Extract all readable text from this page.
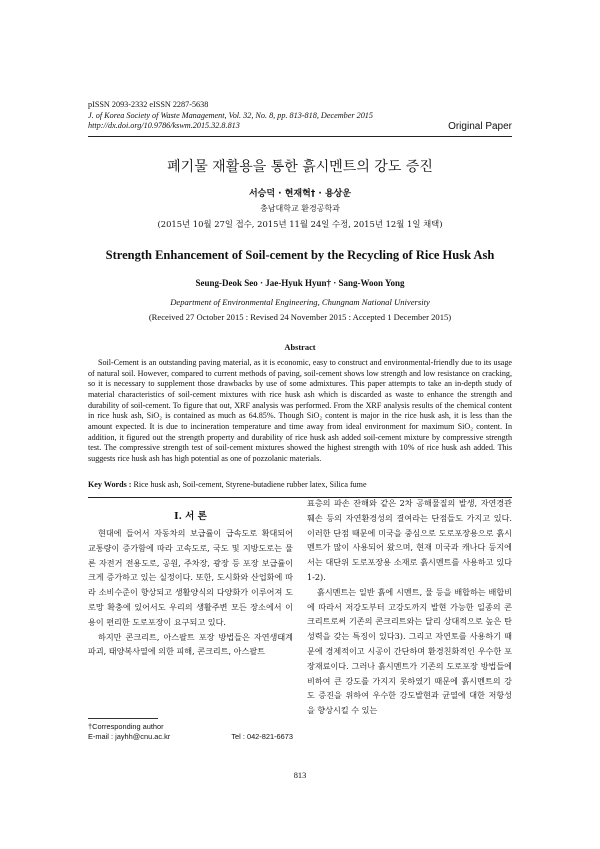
pISSN 2093-2332 eISSN 2287-5638
J. of Korea Society of Waste Management, Vol. 32, No. 8, pp. 813-818, December 2015
http://dx.doi.org/10.9786/kswm.2015.32.8.813	Original Paper
폐기물 재활용을 통한 흙시멘트의 강도 증진
서승덕 · 현재혁† · 용상운
충남대학교 환경공학과
(2015년 10월 27일 접수, 2015년 11월 24일 수정, 2015년 12월 1일 채택)
Strength Enhancement of Soil-cement by the Recycling of Rice Husk Ash
Seung-Deok Seo · Jae-Hyuk Hyun† · Sang-Woon Yong
Department of Environmental Engineering, Chungnam National University
(Received 27 October 2015 : Revised 24 November 2015 : Accepted 1 December 2015)
Abstract
Soil-Cement is an outstanding paving material, as it is economic, easy to construct and environmental-friendly due to its usage of natural soil. However, compared to current methods of paving, soil-cement shows low strength and low resistance on cracking, so it is necessary to supplement those drawbacks by use of some admixtures. This paper attempts to take an in-depth study of material characteristics of soil-cement mixtures with rice husk ash which is discarded as waste to enhance the strength and durability of soil-cement. To figure that out, XRF analysis was performed. From the XRF analysis results of the chemical content in rice husk ash, SiO₂ is contained as much as 64.85%. Though SiO₂ content is major in the rice husk ash, it is less than the amount expected. It is due to incineration temperature and time away from ideal environment for maximum SiO₂ content. In addition, it figured out the strength property and durability of rice husk ash added soil-cement mixture by compressive strength test. The compressive strength test of soil-cement mixtures showed the highest strength with 10% of rice husk ash added. This suggests rice husk ash has high potential as one of pozzolanic materials.
Key Words : Rice husk ash, Soil-cement, Styrene-butadiene rubber latex, Silica fume
I. 서 론

현대에 들어서 자동차의 보급률이 급속도로 확대되어 교통량이 증가함에 따라 고속도로, 국도 및 지방도로는 물론 자전거 전용도로, 공원, 주차장, 광장 등 포장 보급률이 크게 증가하고 있는 실정이다. 또한, 도시화와 산업화에 따라 소비수준이 향상되고 생활양식의 다양화가 이루어져 도로망 확충에 있어서도 우리의 생활주변 모든 장소에서 이용이 편리한 도로포장이 요구되고 있다.

하지만 콘크리트, 아스팔트 포장 방법들은 자연생태계 파괴, 태양복사열에 의한 피해, 콘크리트, 아스팔트

표층의 파손 잔해와 같은 2차 공해물질의 발생, 자연경관 훼손 등의 자연환경성의 결여라는 단점들도 가지고 있다. 이러한 단점 때문에 미국을 중심으로 도로포장용으로 흙시멘트가 많이 사용되어 왔으며, 현재 미국과 캐나다 등지에서는 대단위 도로포장용 소재로 흙시멘트를 사용하고 있다1-2).

흙시멘트는 일반 흙에 시멘트, 물 등을 배합하는 배합비에 따라서 저강도부터 고강도까지 발현 가능한 일종의 콘크리트로써 기존의 콘크리트와는 달리 상대적으로 높은 탄성력을 갖는 특징이 있다3). 그리고 자연토를 사용하기 때문에 경제적이고 시공이 간단하며 환경친화적인 우수한 포장재료이다. 그러나 흙시멘트가 기존의 도로포장 방법들에 비하여 큰 강도를 가지지 못하였기 때문에 흙시멘트의 강도 증진을 위하여 우수한 강도발현과 균열에 대한 저항성을 향상시킬 수 있는

†Corresponding author
E-mail : jayhh@cnu.ac.kr	Tel : 042-821-6673
813
